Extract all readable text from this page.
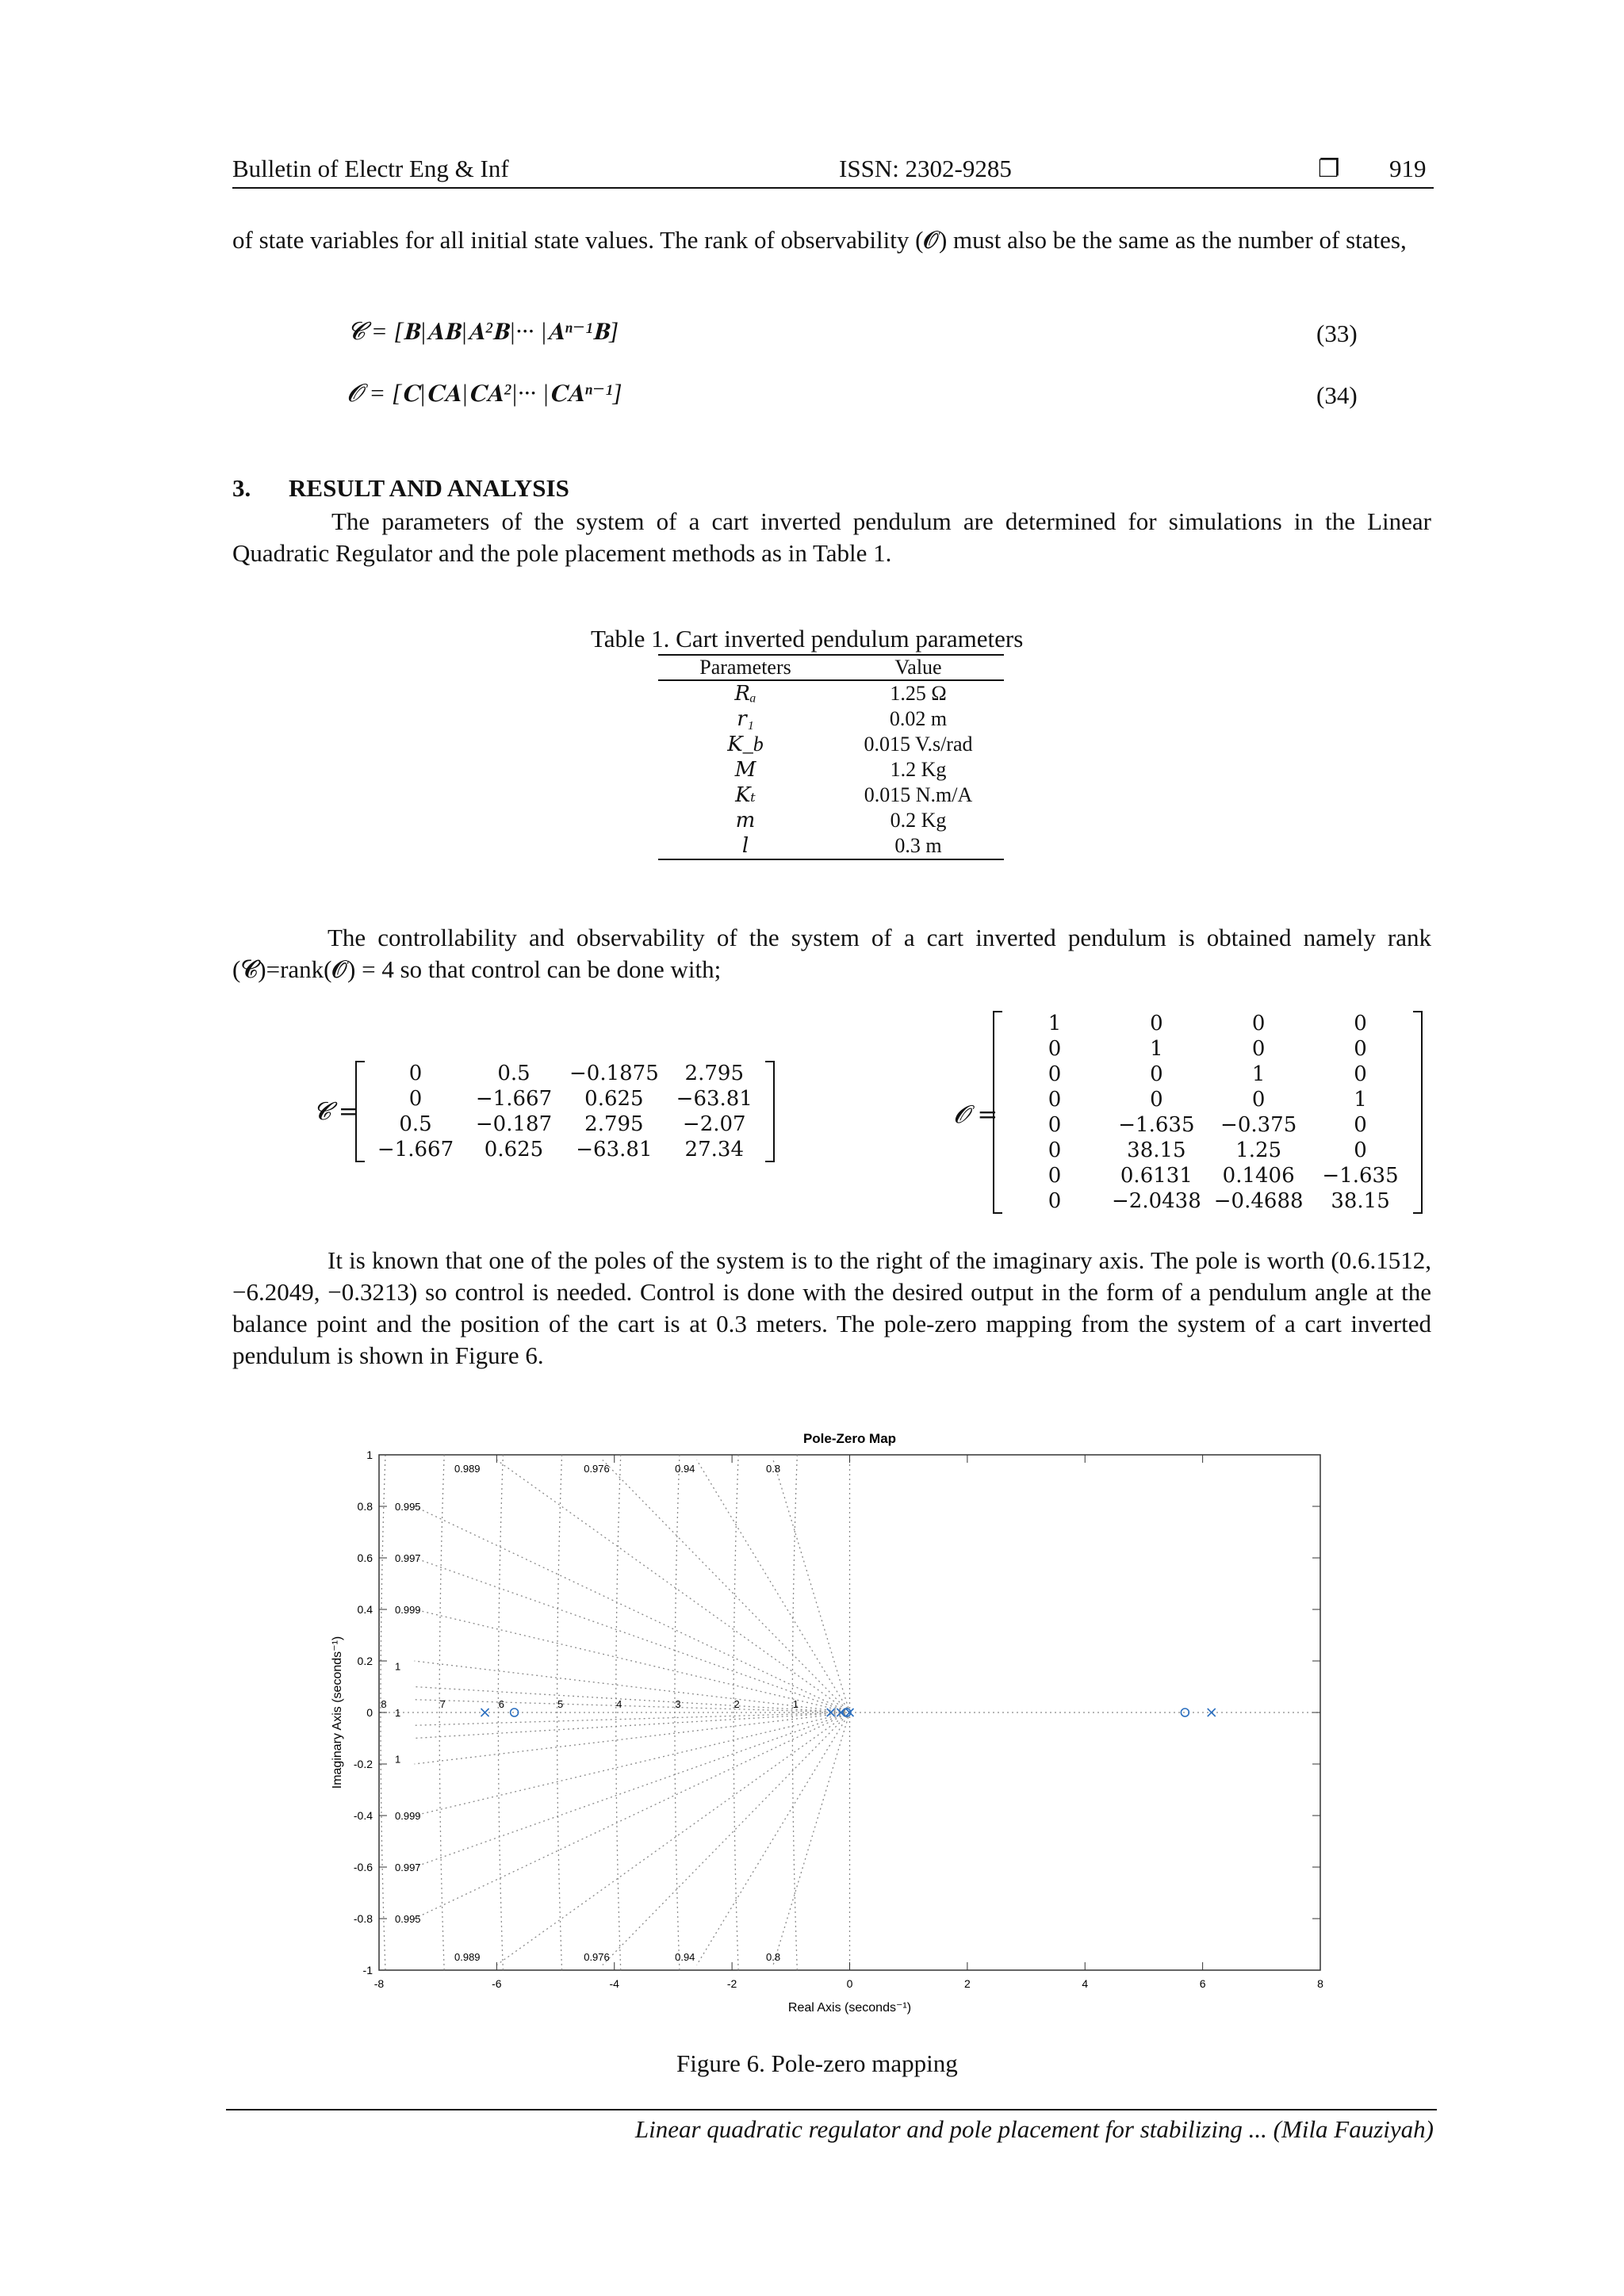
Bulletin of Electr Eng & Inf	ISSN: 2302-9285	❐ 919
of state variables for all initial state values. The rank of observability (𝓞) must also be the same as the number of states,
𝓒 = [𝐁|𝐀𝐁|𝐀²𝐁|··· |𝐀ⁿ⁻¹𝐁]	(33)
𝓞 = [𝐂|𝐂𝐀|𝐂𝐀²|··· |𝐂𝐀ⁿ⁻¹]	(34)
3. RESULT AND ANALYSIS
The parameters of the system of a cart inverted pendulum are determined for simulations in the Linear Quadratic Regulator and the pole placement methods as in Table 1.
Table 1. Cart inverted pendulum parameters
Parameters	Value
𝑅ₐ	1.25 Ω
𝑟₁	0.02 m
𝐾_b	0.015 V.s/rad
𝑀	1.2 Kg
𝐾ₜ	0.015 N.m/A
𝑚	0.2 Kg
𝑙	0.3 m
The controllability and observability of the system of a cart inverted pendulum is obtained namely rank (𝓒)=rank(𝓞) = 4 so that control can be done with;
𝓒 =
0	0.5	−0.1875	2.795
0	−1.667	0.625	−63.81
0.5	−0.187	2.795	−2.07
−1.667	0.625	−63.81	27.34
𝓞 =
1	0	0	0
0	1	0	0
0	0	1	0
0	0	0	1
0	−1.635	−0.375	0
0	38.15	1.25	0
0	0.6131	0.1406	−1.635
0	−2.0438	−0.4688	38.15
It is known that one of the poles of the system is to the right of the imaginary axis. The pole is worth (0.6.1512, −6.2049, −0.3213) so control is needed. Control is done with the desired output in the form of a pendulum angle at the balance point and the position of the cart is at 0.3 meters. The pole-zero mapping from the system of a cart inverted pendulum is shown in Figure 6.
Pole-Zero Map
-8	-6	-4	-2	0	2	4	6	8
-1
-0.8
-0.6
-0.4
-0.2
0
0.2
0.4
0.6
0.8
1
Real Axis (seconds⁻¹)
Imaginary Axis (seconds⁻¹)
0.989
0.989
0.976
0.976
0.94
0.94
0.8
0.8
0.995
0.997
0.999
1
1
1
0.999
0.997
0.995
8	7	6	5	4	3	2	1
Figure 6. Pole-zero mapping
Linear quadratic regulator and pole placement for stabilizing ... (Mila Fauziyah)
